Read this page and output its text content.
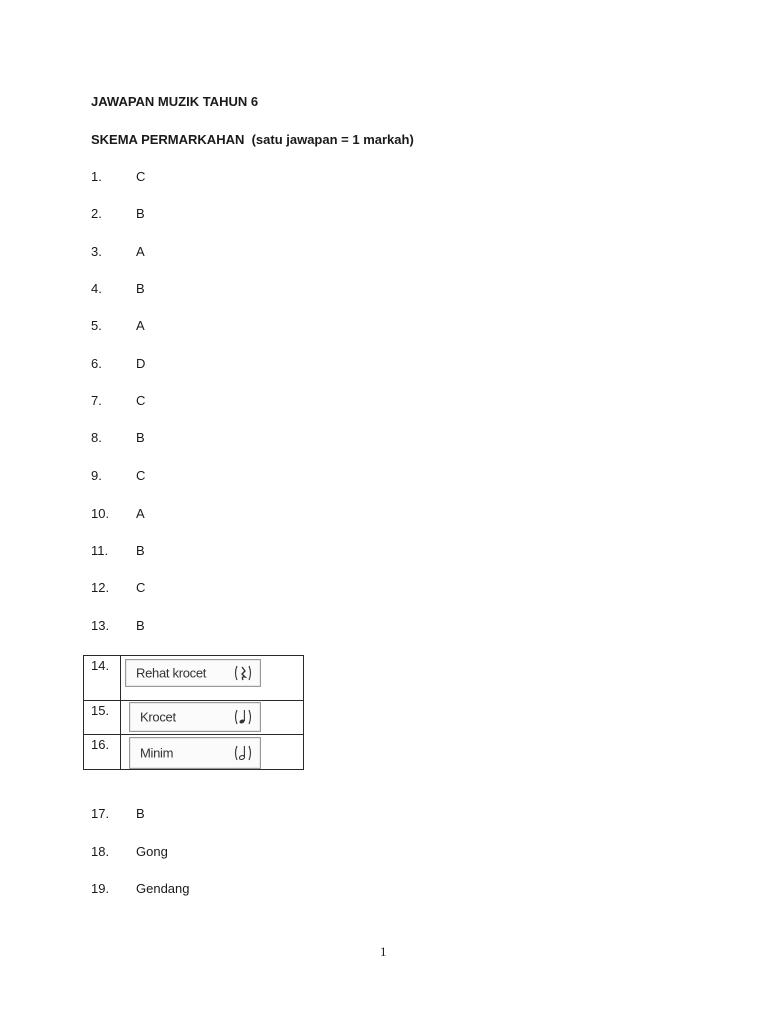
JAWAPAN MUZIK TAHUN 6
SKEMA PERMARKAHAN  (satu jawapan = 1 markah)
1.	C
2.	B
3.	A
4.	B
5.	A
6.	D
7.	C
8.	B
9.	C
10. A
11. B
12. C
13. B
14.	Rehat krocet

15.	Krocet

16.	Minim
17. B
18. Gong
19. Gendang
1
